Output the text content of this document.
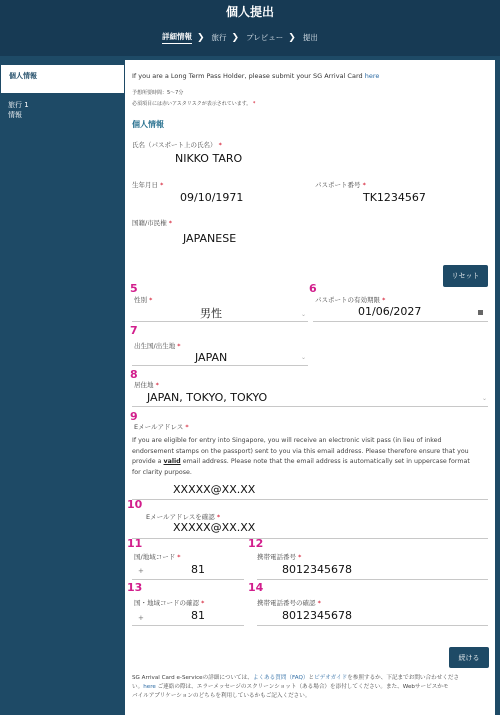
個人提出
詳細情報 ❯ 旅行 ❯ プレビュー ❯ 提出
個人情報
旅行 1
情報
If you are a Long Term Pass Holder, please submit your SG Arrival Card here
予想所要時間：5〜7分
必須項目には赤いアスタリスクが表示されています。 *
個人情報
氏名（パスポート上の氏名） *
NIKKO TARO
生年月日 *
09/10/1971
パスポート番号 *
TK1234567
国籍/市民権 *
JAPANESE
リセット
5
性別 *
男性	⌄
6
パスポートの有効期限 *
01/06/2027
7
出生国/出生地 *
JAPAN	⌄
8
居住地 *
JAPAN, TOKYO, TOKYO	⌄
9
Eメールアドレス *
If you are eligible for entry into Singapore, you will receive an electronic visit pass (in lieu of inked
endorsement stamps on the passport) sent to you via this email address. Please therefore ensure that you
provide a valid email address. Please note that the email address is automatically set in uppercase format
for clarity purpose.
XXXXX@XX.XX
10
Eメールアドレスを確認 *
XXXXX@XX.XX
11
国/地域コード *
+	81
12
携帯電話番号 *
8012345678
13
国・地域コードの確認 *
+	81
14
携帯電話番号の確認 *
8012345678
続ける
SG Arrival Card e-Serviceの詳細については、よくある質問（FAQ）とビデオガイドを参照するか、下記までお問い合わせくださ
い。here ご連絡の際は、エラーメッセージのスクリーンショット（ある場合）を添付してください。また、Webサービスかモ
バイルアプリケーションのどちらを利用しているかもご記入ください。
